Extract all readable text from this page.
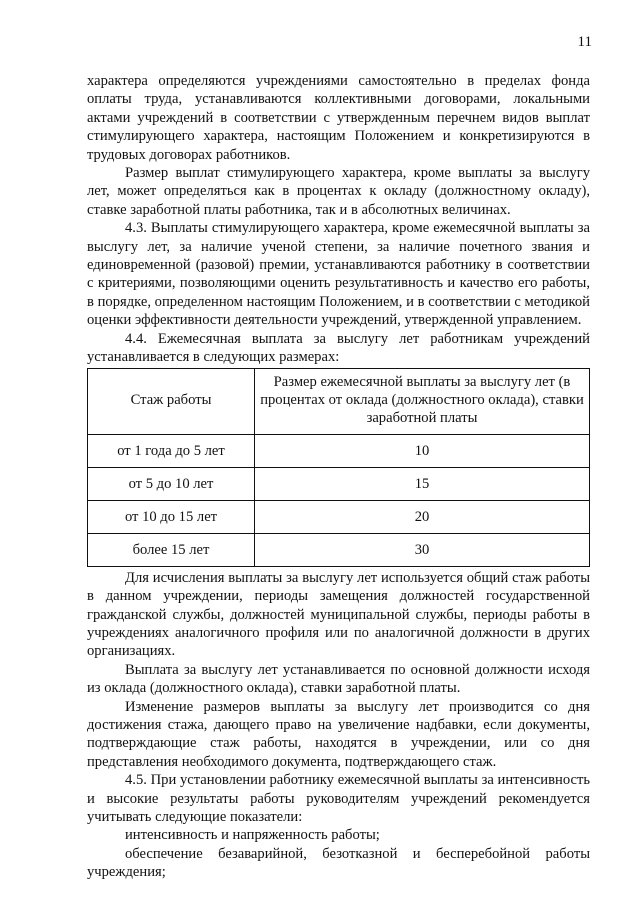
11

характера определяются учреждениями самостоятельно в пределах фонда оплаты труда, устанавливаются коллективными договорами, локальными актами учреждений в соответствии с утвержденным перечнем видов выплат стимулирующего характера, настоящим Положением и конкретизируются в трудовых договорах работников.

Размер выплат стимулирующего характера, кроме выплаты за выслугу лет, может определяться как в процентах к окладу (должностному окладу), ставке заработной платы работника, так и в абсолютных величинах.

4.3. Выплаты стимулирующего характера, кроме ежемесячной выплаты за выслугу лет, за наличие ученой степени, за наличие почетного звания и единовременной (разовой) премии, устанавливаются работнику в соответствии с критериями, позволяющими оценить результативность и качество его работы, в порядке, определенном настоящим Положением, и в соответствии с методикой оценки эффективности деятельности учреждений, утвержденной управлением.

4.4. Ежемесячная выплата за выслугу лет работникам учреждений устанавливается в следующих размерах:

Стаж работы	Размер ежемесячной выплаты за выслугу лет (в процентах от оклада (должностного оклада), ставки заработной платы
от 1 года до 5 лет	10
от 5 до 10 лет	15
от 10 до 15 лет	20
более 15 лет	30

Для исчисления выплаты за выслугу лет используется общий стаж работы в данном учреждении, периоды замещения должностей государственной гражданской службы, должностей муниципальной службы, периоды работы в учреждениях аналогичного профиля или по аналогичной должности в других организациях.

Выплата за выслугу лет устанавливается по основной должности исходя из оклада (должностного оклада), ставки заработной платы.

Изменение размеров выплаты за выслугу лет производится со дня достижения стажа, дающего право на увеличение надбавки, если документы, подтверждающие стаж работы, находятся в учреждении, или со дня представления необходимого документа, подтверждающего стаж.

4.5. При установлении работнику ежемесячной выплаты за интенсивность и высокие результаты работы руководителям учреждений рекомендуется учитывать следующие показатели:

интенсивность и напряженность работы;

обеспечение безаварийной, безотказной и бесперебойной работы учреждения;
